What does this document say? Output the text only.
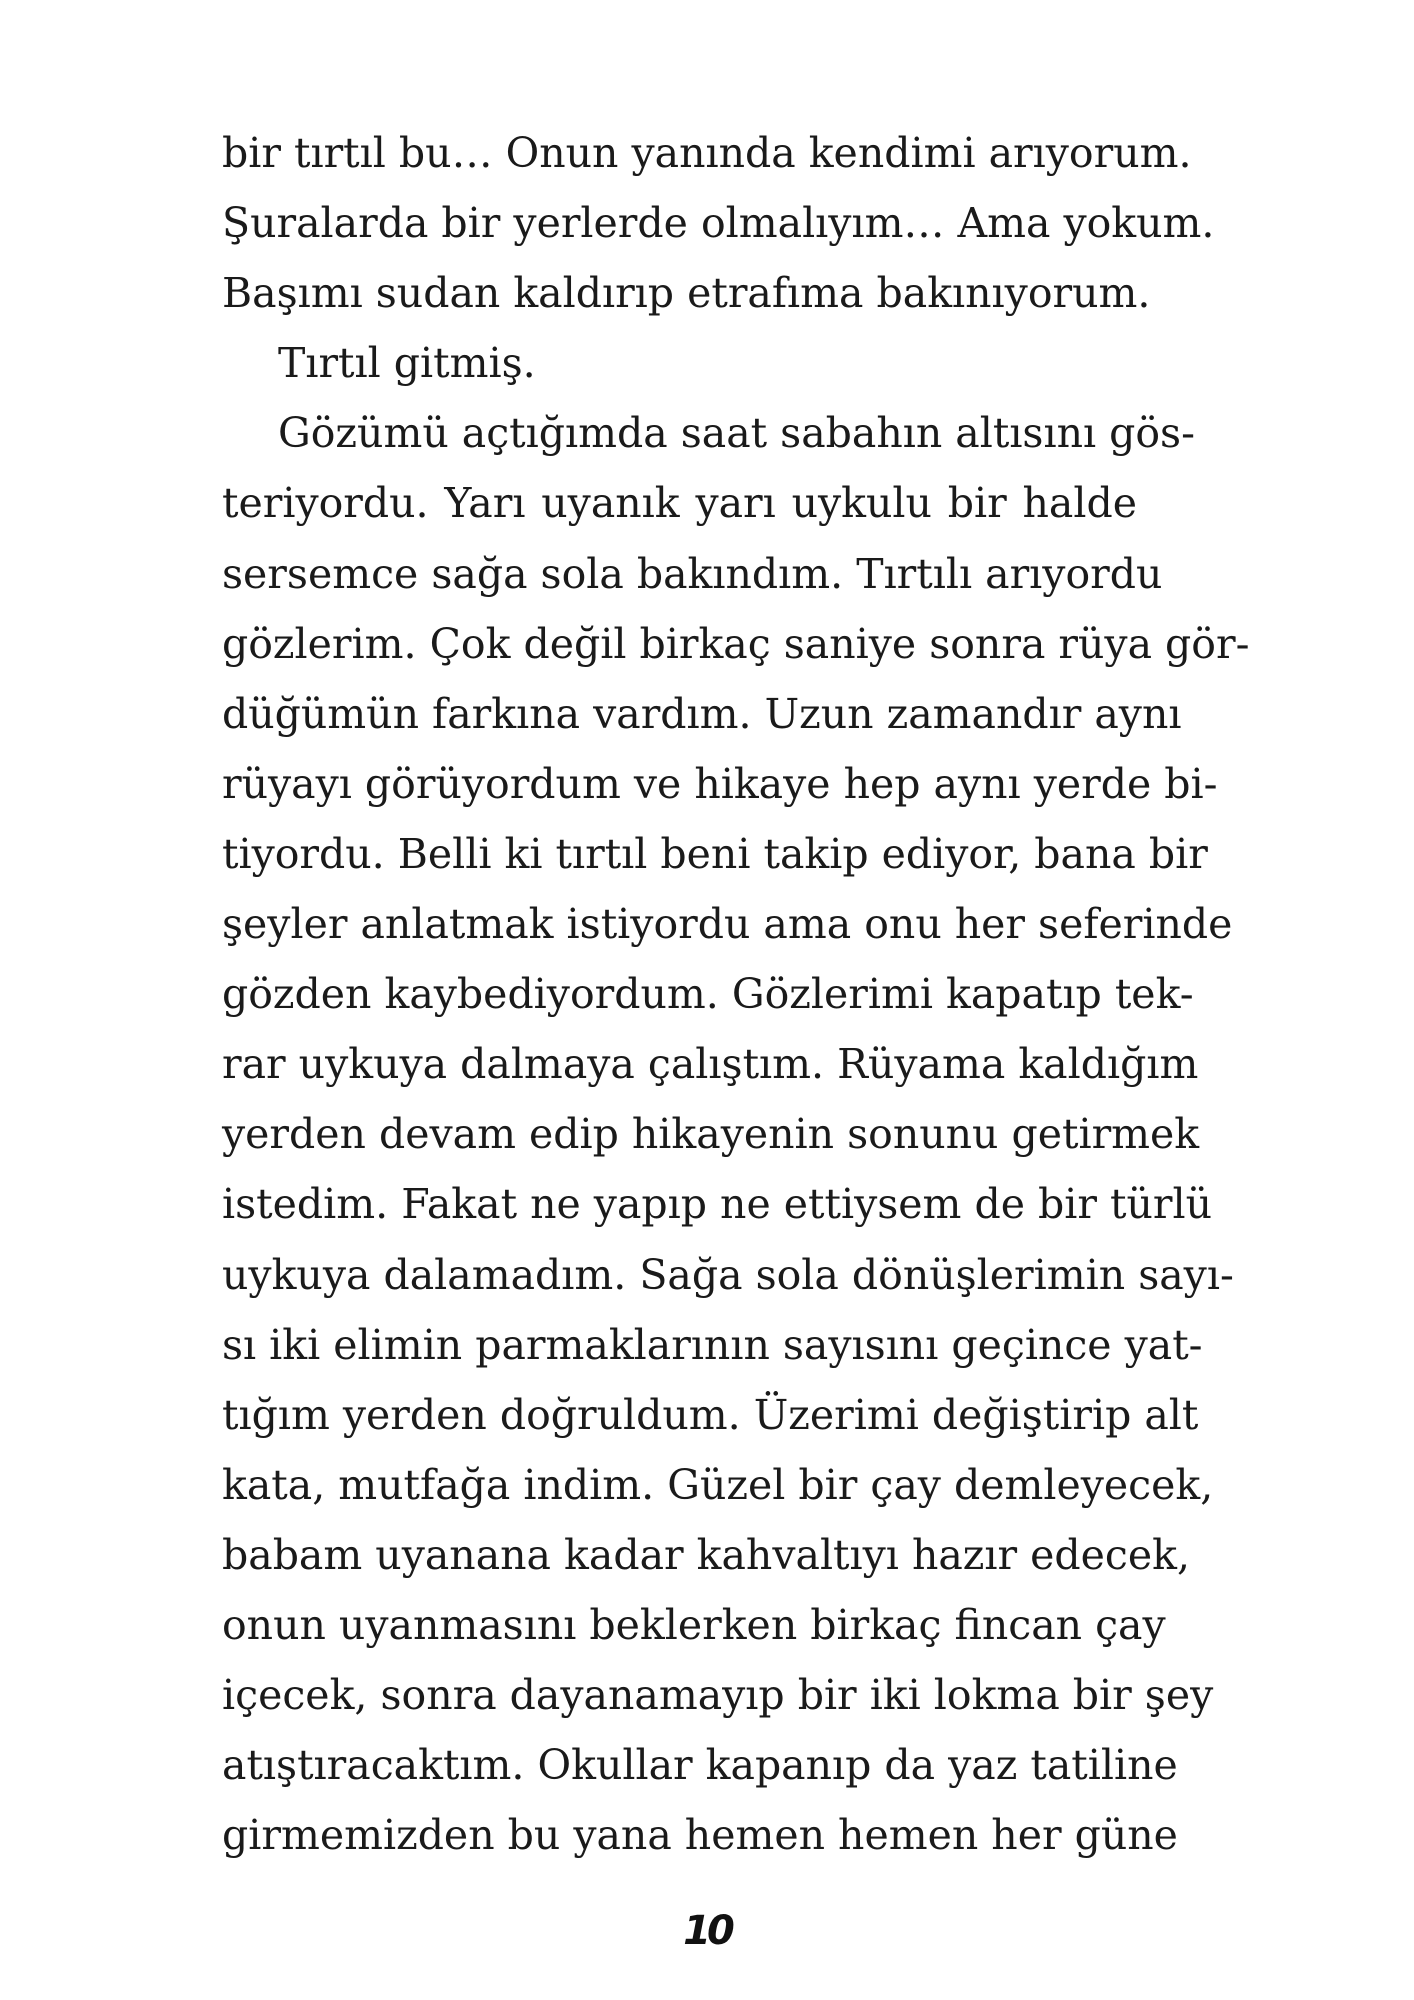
bir tırtıl bu… Onun yanında kendimi arıyorum.
Şuralarda bir yerlerde olmalıyım… Ama yokum.
Başımı sudan kaldırıp etrafıma bakınıyorum.
Tırtıl gitmiş.
Gözümü açtığımda saat sabahın altısını gös-
teriyordu. Yarı uyanık yarı uykulu bir halde
sersemce sağa sola bakındım. Tırtılı arıyordu
gözlerim. Çok değil birkaç saniye sonra rüya gör-
düğümün farkına vardım. Uzun zamandır aynı
rüyayı görüyordum ve hikaye hep aynı yerde bi-
tiyordu. Belli ki tırtıl beni takip ediyor, bana bir
şeyler anlatmak istiyordu ama onu her seferinde
gözden kaybediyordum. Gözlerimi kapatıp tek-
rar uykuya dalmaya çalıştım. Rüyama kaldığım
yerden devam edip hikayenin sonunu getirmek
istedim. Fakat ne yapıp ne ettiysem de bir türlü
uykuya dalamadım. Sağa sola dönüşlerimin sayı-
sı iki elimin parmaklarının sayısını geçince yat-
tığım yerden doğruldum. Üzerimi değiştirip alt
kata, mutfağa indim. Güzel bir çay demleyecek,
babam uyanana kadar kahvaltıyı hazır edecek,
onun uyanmasını beklerken birkaç fincan çay
içecek, sonra dayanamayıp bir iki lokma bir şey
atıştıracaktım. Okullar kapanıp da yaz tatiline
girmemizden bu yana hemen hemen her güne
10
